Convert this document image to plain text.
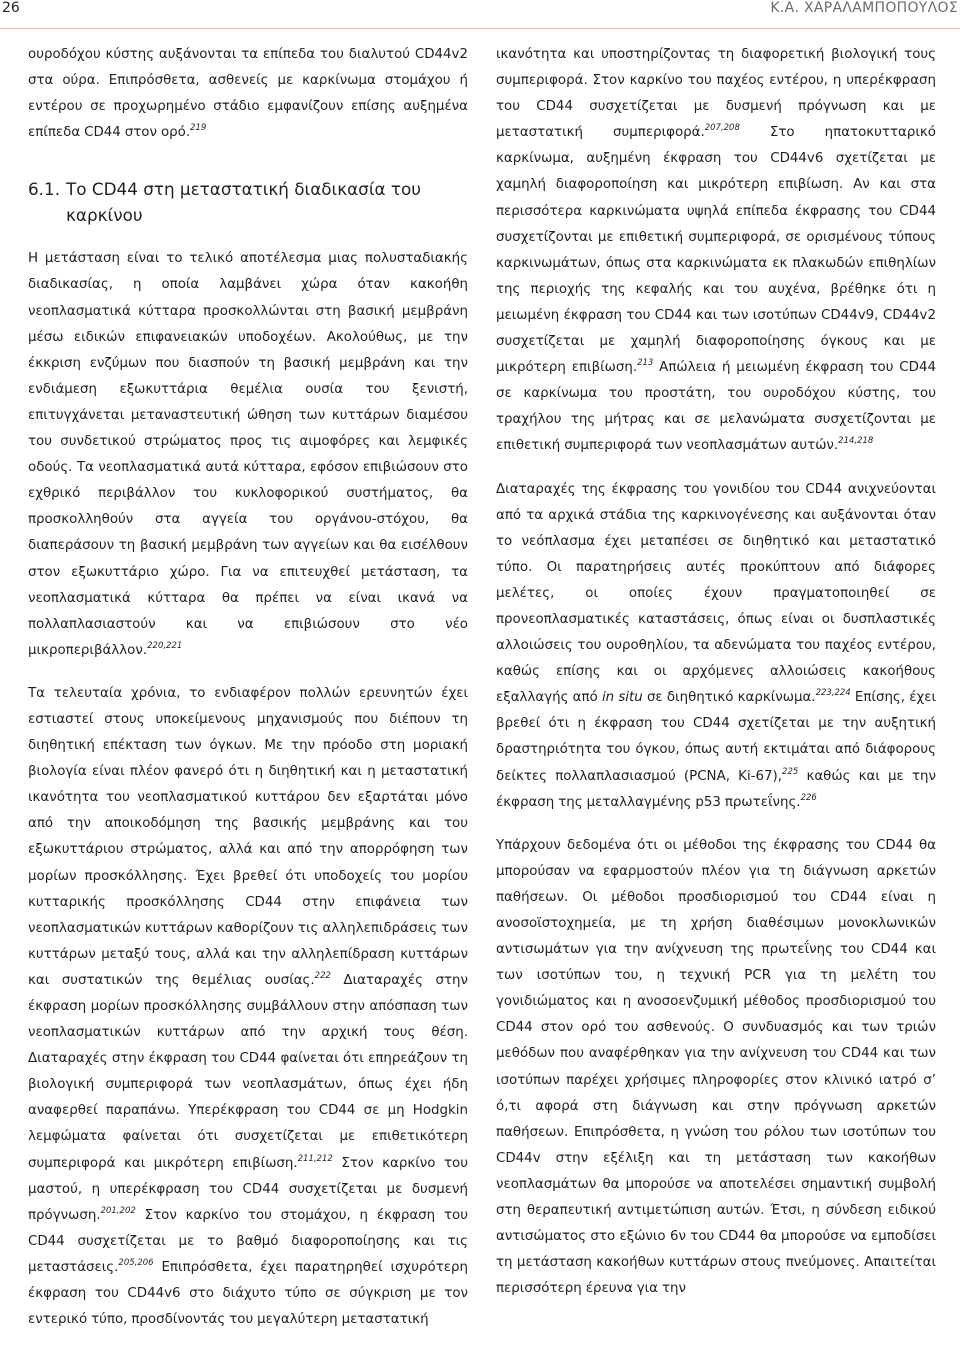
26	Κ.Α. ΧΑΡΑΛΑΜΠΟΠΟΥΛΟΣ

ουροδόχου κύστης αυξάνονται τα επίπεδα του διαλυτού CD44v2 στα ούρα. Επιπρόσθετα, ασθενείς με καρκίνωμα στομάχου ή εντέρου σε προχωρημένο στάδιο εμφανίζουν επίσης αυξημένα επίπεδα CD44 στον ορό.$^{219}$

6.1. Το CD44 στη μεταστατική διαδικασία του καρκίνου

Η μετάσταση είναι το τελικό αποτέλεσμα μιας πολυσταδιακής διαδικασίας, η οποία λαμβάνει χώρα όταν κακοήθη νεοπλασματικά κύτταρα προσκολλώνται στη βασική μεμβράνη μέσω ειδικών επιφανειακών υποδοχέων. Ακολούθως, με την έκκριση ενζύμων που διασπούν τη βασική μεμβράνη και την ενδιάμεση εξωκυττάρια θεμέλια ουσία του ξενιστή, επιτυγχάνεται μεταναστευτική ώθηση των κυττάρων διαμέσου του συνδετικού στρώματος προς τις αιμοφόρες και λεμφικές οδούς. Τα νεοπλασματικά αυτά κύτταρα, εφόσον επιβιώσουν στο εχθρικό περιβάλλον του κυκλοφορικού συστήματος, θα προσκολληθούν στα αγγεία του οργάνου-στόχου, θα διαπεράσουν τη βασική μεμβράνη των αγγείων και θα εισέλθουν στον εξωκυττάριο χώρο. Για να επιτευχθεί μετάσταση, τα νεοπλασματικά κύτταρα θα πρέπει να είναι ικανά να πολλαπλασιαστούν και να επιβιώσουν στο νέο μικροπεριβάλλον.$^{220,221}$

Τα τελευταία χρόνια, το ενδιαφέρον πολλών ερευνητών έχει εστιαστεί στους υποκείμενους μηχανισμούς που διέπουν τη διηθητική επέκταση των όγκων. Με την πρόοδο στη μοριακή βιολογία είναι πλέον φανερό ότι η διηθητική και η μεταστατική ικανότητα του νεοπλασματικού κυττάρου δεν εξαρτάται μόνο από την αποικοδόμηση της βασικής μεμβράνης και του εξωκυττάριου στρώματος, αλλά και από την απορρόφηση των μορίων προσκόλλησης. Έχει βρεθεί ότι υποδοχείς του μορίου κυτταρικής προσκόλλησης CD44 στην επιφάνεια των νεοπλασματικών κυττάρων καθορίζουν τις αλληλεπιδράσεις των κυττάρων μεταξύ τους, αλλά και την αλληλεπίδραση κυττάρων και συστατικών της θεμέλιας ουσίας.$^{222}$ Διαταραχές στην έκφραση μορίων προσκόλλησης συμβάλλουν στην απόσπαση των νεοπλασματικών κυττάρων από την αρχική τους θέση. Διαταραχές στην έκφραση του CD44 φαίνεται ότι επηρεάζουν τη βιολογική συμπεριφορά των νεοπλασμάτων, όπως έχει ήδη αναφερθεί παραπάνω. Υπερέκφραση του CD44 σε μη Hodgkin λεμφώματα φαίνεται ότι συσχετίζεται με επιθετικότερη συμπεριφορά και μικρότερη επιβίωση.$^{211,212}$ Στον καρκίνο του μαστού, η υπερέκφραση του CD44 συσχετίζεται με δυσμενή πρόγνωση.$^{201,202}$ Στον καρκίνο του στομάχου, η έκφραση του CD44 συσχετίζεται με το βαθμό διαφοροποίησης και τις μεταστάσεις.$^{205,206}$ Επιπρόσθετα, έχει παρατηρηθεί ισχυρότερη έκφραση του CD44v6 στο διάχυτο τύπο σε σύγκριση με τον εντερικό τύπο, προσδίνοντάς του μεγαλύτερη μεταστατική

ικανότητα και υποστηρίζοντας τη διαφορετική βιολογική τους συμπεριφορά. Στον καρκίνο του παχέος εντέρου, η υπερέκφραση του CD44 συσχετίζεται με δυσμενή πρόγνωση και με μεταστατική συμπεριφορά.$^{207,208}$ Στο ηπατοκυτταρικό καρκίνωμα, αυξημένη έκφραση του CD44v6 σχετίζεται με χαμηλή διαφοροποίηση και μικρότερη επιβίωση. Αν και στα περισσότερα καρκινώματα υψηλά επίπεδα έκφρασης του CD44 συσχετίζονται με επιθετική συμπεριφορά, σε ορισμένους τύπους καρκινωμάτων, όπως στα καρκινώματα εκ πλακωδών επιθηλίων της περιοχής της κεφαλής και του αυχένα, βρέθηκε ότι η μειωμένη έκφραση του CD44 και των ισοτύπων CD44v9, CD44v2 συσχετίζεται με χαμηλή διαφοροποίησης όγκους και με μικρότερη επιβίωση.$^{213}$ Απώλεια ή μειωμένη έκφραση του CD44 σε καρκίνωμα του προστάτη, του ουροδόχου κύστης, του τραχήλου της μήτρας και σε μελανώματα συσχετίζονται με επιθετική συμπεριφορά των νεοπλασμάτων αυτών.$^{214,218}$

Διαταραχές της έκφρασης του γονιδίου του CD44 ανιχνεύονται από τα αρχικά στάδια της καρκινογένεσης και αυξάνονται όταν το νεόπλασμα έχει μεταπέσει σε διηθητικό και μεταστατικό τύπο. Οι παρατηρήσεις αυτές προκύπτουν από διάφορες μελέτες, οι οποίες έχουν πραγματοποιηθεί σε προνεοπλασματικές καταστάσεις, όπως είναι οι δυσπλαστικές αλλοιώσεις του ουροθηλίου, τα αδενώματα του παχέος εντέρου, καθώς επίσης και οι αρχόμενες αλλοιώσεις κακοήθους εξαλλαγής από in situ σε διηθητικό καρκίνωμα.$^{223,224}$ Επίσης, έχει βρεθεί ότι η έκφραση του CD44 σχετίζεται με την αυξητική δραστηριότητα του όγκου, όπως αυτή εκτιμάται από διάφορους δείκτες πολλαπλασιασμού (PCNA, Ki-67),$^{225}$ καθώς και με την έκφραση της μεταλλαγμένης p53 πρωτεΐνης.$^{226}$

Υπάρχουν δεδομένα ότι οι μέθοδοι της έκφρασης του CD44 θα μπορούσαν να εφαρμοστούν πλέον για τη διάγνωση αρκετών παθήσεων. Οι μέθοδοι προσδιορισμού του CD44 είναι η ανοσοϊστοχημεία, με τη χρήση διαθέσιμων μονοκλωνικών αντισωμάτων για την ανίχνευση της πρωτεΐνης του CD44 και των ισοτύπων του, η τεχνική PCR για τη μελέτη του γονιδιώματος και η ανοσοενζυμική μέθοδος προσδιορισμού του CD44 στον ορό του ασθενούς. Ο συνδυασμός και των τριών μεθόδων που αναφέρθηκαν για την ανίχνευση του CD44 και των ισοτύπων παρέχει χρήσιμες πληροφορίες στον κλινικό ιατρό σ’ ό,τι αφορά στη διάγνωση και στην πρόγνωση αρκετών παθήσεων. Επιπρόσθετα, η γνώση του ρόλου των ισοτύπων του CD44v στην εξέλιξη και τη μετάσταση των κακοήθων νεοπλασμάτων θα μπορούσε να αποτελέσει σημαντική συμβολή στη θεραπευτική αντιμετώπιση αυτών. Έτσι, η σύνδεση ειδικού αντισώματος στο εξώνιο 6ν του CD44 θα μπορούσε να εμποδίσει τη μετάσταση κακοήθων κυττάρων στους πνεύμονες. Απαιτείται περισσότερη έρευνα για την
